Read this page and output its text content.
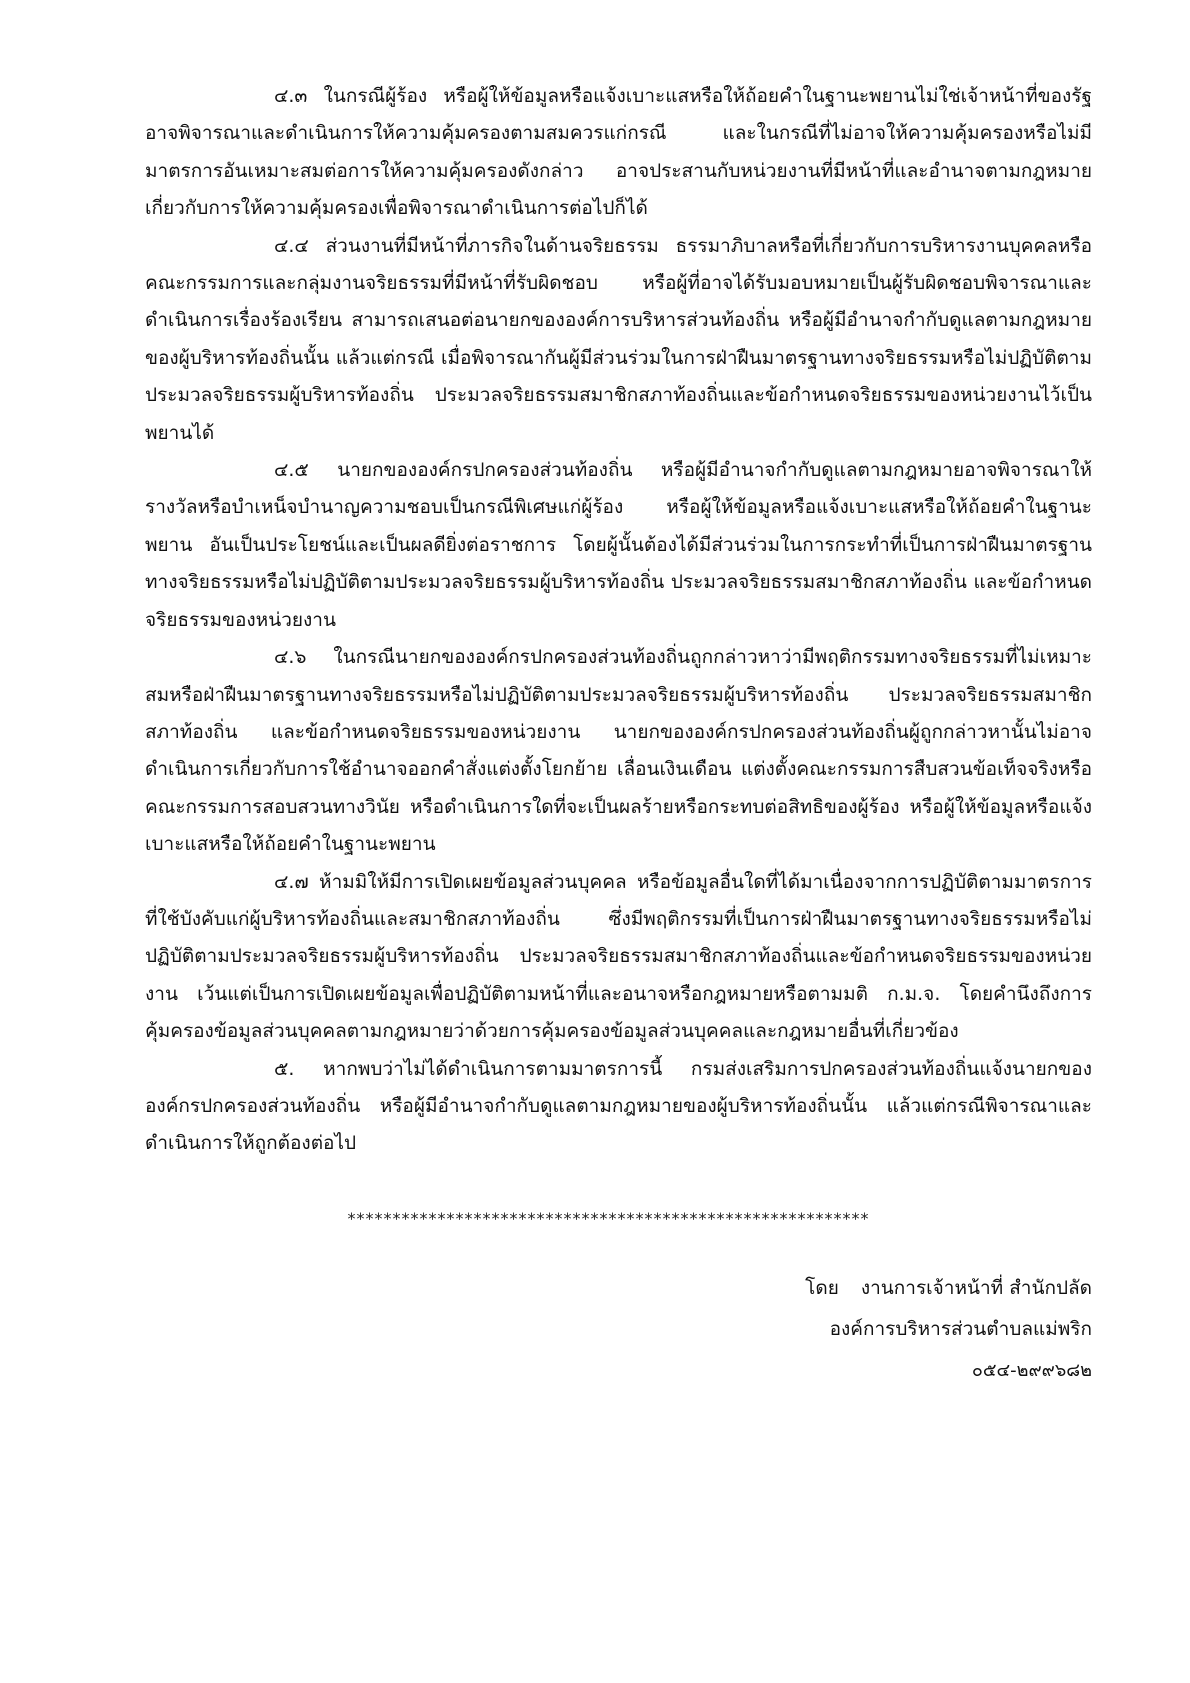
๔.๓ ในกรณีผู้ร้อง หรือผู้ให้ข้อมูลหรือแจ้งเบาะแสหรือให้ถ้อยคำในฐานะพยานไม่ใช่เจ้าหน้าที่ของรัฐ อาจพิจารณาและดำเนินการให้ความคุ้มครองตามสมควรแก่กรณี และในกรณีที่ไม่อาจให้ความคุ้มครองหรือไม่มีมาตรการอันเหมาะสมต่อการให้ความคุ้มครองดังกล่าว อาจประสานกับหน่วยงานที่มีหน้าที่และอำนาจตามกฎหมายเกี่ยวกับการให้ความคุ้มครองเพื่อพิจารณาดำเนินการต่อไปก็ได้

๔.๔ ส่วนงานที่มีหน้าที่ภารกิจในด้านจริยธรรม ธรรมาภิบาลหรือที่เกี่ยวกับการบริหารงานบุคคลหรือคณะกรรมการและกลุ่มงานจริยธรรมที่มีหน้าที่รับผิดชอบ หรือผู้ที่อาจได้รับมอบหมายเป็นผู้รับผิดชอบพิจารณาและดำเนินการเรื่องร้องเรียน สามารถเสนอต่อนายกขององค์การบริหารส่วนท้องถิ่น หรือผู้มีอำนาจกำกับดูแลตามกฎหมายของผู้บริหารท้องถิ่นนั้น แล้วแต่กรณี เมื่อพิจารณากันผู้มีส่วนร่วมในการฝ่าฝืนมาตรฐานทางจริยธรรมหรือไม่ปฏิบัติตามประมวลจริยธรรมผู้บริหารท้องถิ่น ประมวลจริยธรรมสมาชิกสภาท้องถิ่นและข้อกำหนดจริยธรรมของหน่วยงานไว้เป็นพยานได้

๔.๕ นายกขององค์กรปกครองส่วนท้องถิ่น หรือผู้มีอำนาจกำกับดูแลตามกฎหมายอาจพิจารณาให้รางวัลหรือบำเหน็จบำนาญความชอบเป็นกรณีพิเศษแก่ผู้ร้อง หรือผู้ให้ข้อมูลหรือแจ้งเบาะแสหรือให้ถ้อยคำในฐานะพยาน อันเป็นประโยชน์และเป็นผลดียิ่งต่อราชการ โดยผู้นั้นต้องได้มีส่วนร่วมในการกระทำที่เป็นการฝ่าฝืนมาตรฐานทางจริยธรรมหรือไม่ปฏิบัติตามประมวลจริยธรรมผู้บริหารท้องถิ่น ประมวลจริยธรรมสมาชิกสภาท้องถิ่น และข้อกำหนดจริยธรรมของหน่วยงาน

๔.๖ ในกรณีนายกขององค์กรปกครองส่วนท้องถิ่นถูกกล่าวหาว่ามีพฤติกรรมทางจริยธรรมที่ไม่เหมาะสมหรือฝ่าฝืนมาตรฐานทางจริยธรรมหรือไม่ปฏิบัติตามประมวลจริยธรรมผู้บริหารท้องถิ่น ประมวลจริยธรรมสมาชิกสภาท้องถิ่น และข้อกำหนดจริยธรรมของหน่วยงาน นายกขององค์กรปกครองส่วนท้องถิ่นผู้ถูกกล่าวหานั้นไม่อาจดำเนินการเกี่ยวกับการใช้อำนาจออกคำสั่งแต่งตั้งโยกย้าย เลื่อนเงินเดือน แต่งตั้งคณะกรรมการสืบสวนข้อเท็จจริงหรือคณะกรรมการสอบสวนทางวินัย หรือดำเนินการใดที่จะเป็นผลร้ายหรือกระทบต่อสิทธิของผู้ร้อง หรือผู้ให้ข้อมูลหรือแจ้งเบาะแสหรือให้ถ้อยคำในฐานะพยาน

๔.๗ ห้ามมิให้มีการเปิดเผยข้อมูลส่วนบุคคล หรือข้อมูลอื่นใดที่ได้มาเนื่องจากการปฏิบัติตามมาตรการที่ใช้บังคับแก่ผู้บริหารท้องถิ่นและสมาชิกสภาท้องถิ่น ซึ่งมีพฤติกรรมที่เป็นการฝ่าฝืนมาตรฐานทางจริยธรรมหรือไม่ปฏิบัติตามประมวลจริยธรรมผู้บริหารท้องถิ่น ประมวลจริยธรรมสมาชิกสภาท้องถิ่นและข้อกำหนดจริยธรรมของหน่วยงาน เว้นแต่เป็นการเปิดเผยข้อมูลเพื่อปฏิบัติตามหน้าที่และอนาจหรือกฎหมายหรือตามมติ ก.ม.จ. โดยคำนึงถึงการคุ้มครองข้อมูลส่วนบุคคลตามกฎหมายว่าด้วยการคุ้มครองข้อมูลส่วนบุคคลและกฎหมายอื่นที่เกี่ยวข้อง

๕. หากพบว่าไม่ได้ดำเนินการตามมาตรการนี้ กรมส่งเสริมการปกครองส่วนท้องถิ่นแจ้งนายกขององค์กรปกครองส่วนท้องถิ่น หรือผู้มีอำนาจกำกับดูแลตามกฎหมายของผู้บริหารท้องถิ่นนั้น แล้วแต่กรณีพิจารณาและดำเนินการให้ถูกต้องต่อไป

**********************************************************
โดย งานการเจ้าหน้าที่ สำนักปลัด
องค์การบริหารส่วนตำบลแม่พริก
๐๕๔-๒๙๙๖๘๒
